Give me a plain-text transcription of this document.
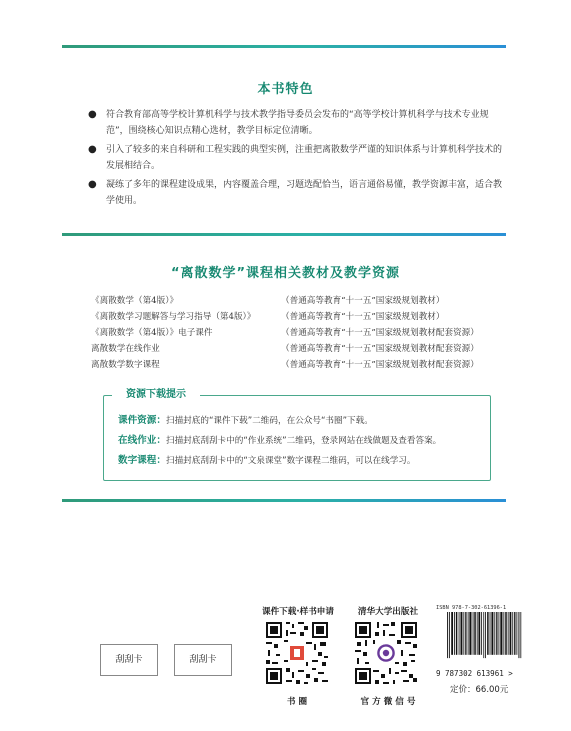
本书特色
● 符合教育部高等学校计算机科学与技术教学指导委员会发布的“高等学校计算机科学与技术专业规范”，围绕核心知识点精心选材，教学目标定位清晰。
● 引入了较多的来自科研和工程实践的典型实例，注重把离散数学严谨的知识体系与计算机科学技术的发展相结合。
● 凝练了多年的课程建设成果，内容覆盖合理，习题选配恰当，语言通俗易懂，教学资源丰富，适合教学使用。
“离散数学”课程相关教材及教学资源
《离散数学（第4版）》	（普通高等教育“十一五”国家级规划教材）
《离散数学习题解答与学习指导（第4版）》	（普通高等教育“十一五”国家级规划教材）
《离散数学（第4版）》电子课件	（普通高等教育“十一五”国家级规划教材配套资源）
离散数学在线作业	（普通高等教育“十一五”国家级规划教材配套资源）
离散数学数字课程	（普通高等教育“十一五”国家级规划教材配套资源）
资源下载提示
课件资源：扫描封底的“课件下载”二维码，在公众号“书圈”下载。
在线作业：扫描封底刮刮卡中的“作业系统”二维码，登录网站在线做题及查看答案。
数字课程：扫描封底刮刮卡中的“文泉课堂”数字课程二维码，可以在线学习。
刮刮卡	刮刮卡
课件下载·样书申请
书 圈
清华大学出版社
官 方 微 信 号
ISBN 978-7-302-61396-1
9 787302 613961 >
定价：66.00元
